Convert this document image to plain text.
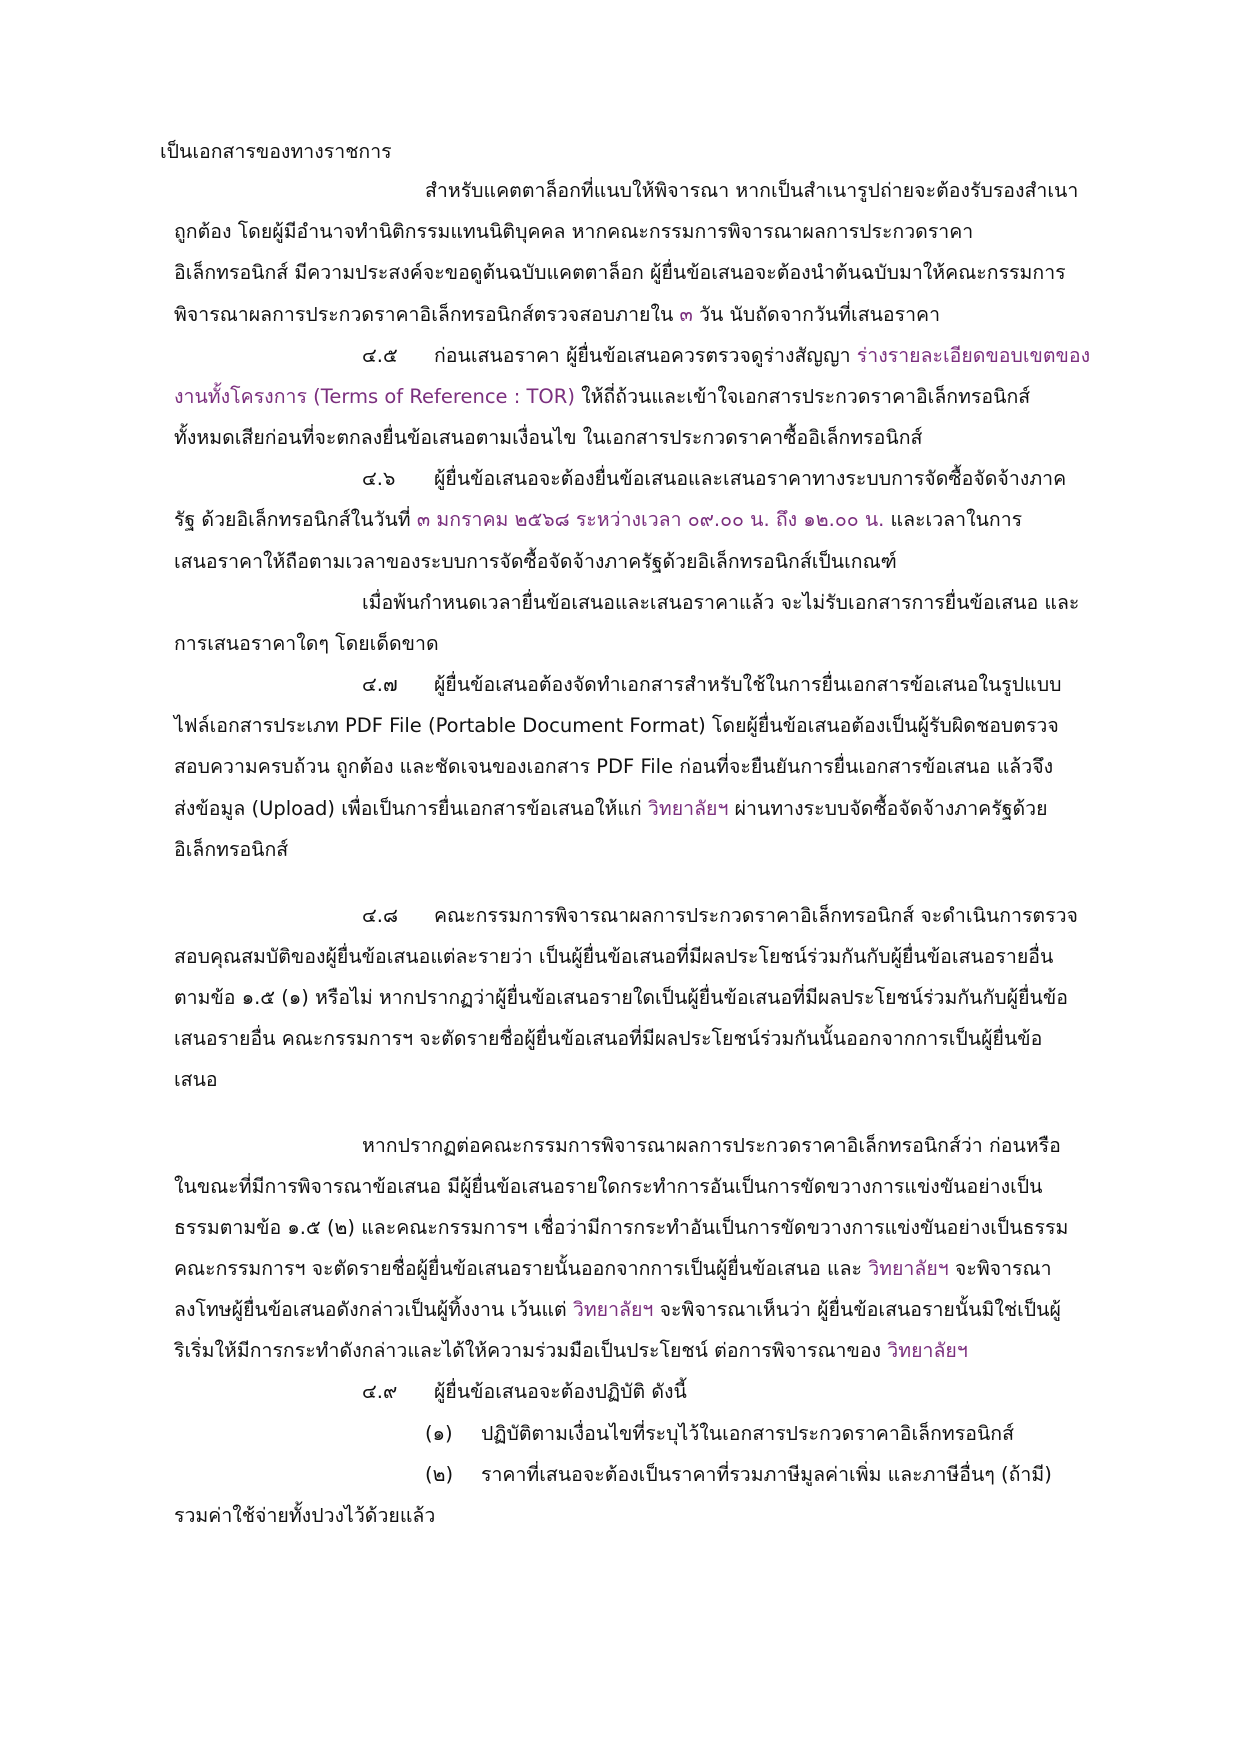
เป็นเอกสารของทางราชการ
สำหรับแคตตาล็อกที่แนบให้พิจารณา หากเป็นสำเนารูปถ่ายจะต้องรับรองสำเนา
ถูกต้อง โดยผู้มีอำนาจทำนิติกรรมแทนนิติบุคคล หากคณะกรรมการพิจารณาผลการประกวดราคา
อิเล็กทรอนิกส์ มีความประสงค์จะขอดูต้นฉบับแคตตาล็อก ผู้ยื่นข้อเสนอจะต้องนำต้นฉบับมาให้คณะกรรมการ
พิจารณาผลการประกวดราคาอิเล็กทรอนิกส์ตรวจสอบภายใน ๓ วัน นับถัดจากวันที่เสนอราคา
๔.๕ ก่อนเสนอราคา ผู้ยื่นข้อเสนอควรตรวจดูร่างสัญญา ร่างรายละเอียดขอบเขตของ
งานทั้งโครงการ (Terms of Reference : TOR) ให้ถี่ถ้วนและเข้าใจเอกสารประกวดราคาอิเล็กทรอนิกส์
ทั้งหมดเสียก่อนที่จะตกลงยื่นข้อเสนอตามเงื่อนไข ในเอกสารประกวดราคาซื้ออิเล็กทรอนิกส์
๔.๖ ผู้ยื่นข้อเสนอจะต้องยื่นข้อเสนอและเสนอราคาทางระบบการจัดซื้อจัดจ้างภาค
รัฐ ด้วยอิเล็กทรอนิกส์ในวันที่ ๓ มกราคม ๒๕๖๘ ระหว่างเวลา ๐๙.๐๐ น. ถึง ๑๒.๐๐ น. และเวลาในการ
เสนอราคาให้ถือตามเวลาของระบบการจัดซื้อจัดจ้างภาครัฐด้วยอิเล็กทรอนิกส์เป็นเกณฑ์
เมื่อพ้นกำหนดเวลายื่นข้อเสนอและเสนอราคาแล้ว จะไม่รับเอกสารการยื่นข้อเสนอ และ
การเสนอราคาใดๆ โดยเด็ดขาด
๔.๗ ผู้ยื่นข้อเสนอต้องจัดทำเอกสารสำหรับใช้ในการยื่นเอกสารข้อเสนอในรูปแบบ
ไฟล์เอกสารประเภท PDF File (Portable Document Format) โดยผู้ยื่นข้อเสนอต้องเป็นผู้รับผิดชอบตรวจ
สอบความครบถ้วน ถูกต้อง และชัดเจนของเอกสาร PDF File ก่อนที่จะยืนยันการยื่นเอกสารข้อเสนอ แล้วจึง
ส่งข้อมูล (Upload) เพื่อเป็นการยื่นเอกสารข้อเสนอให้แก่ วิทยาลัยฯ ผ่านทางระบบจัดซื้อจัดจ้างภาครัฐด้วย
อิเล็กทรอนิกส์
๔.๘ คณะกรรมการพิจารณาผลการประกวดราคาอิเล็กทรอนิกส์ จะดำเนินการตรวจ
สอบคุณสมบัติของผู้ยื่นข้อเสนอแต่ละรายว่า เป็นผู้ยื่นข้อเสนอที่มีผลประโยชน์ร่วมกันกับผู้ยื่นข้อเสนอรายอื่น
ตามข้อ ๑.๕ (๑) หรือไม่ หากปรากฏว่าผู้ยื่นข้อเสนอรายใดเป็นผู้ยื่นข้อเสนอที่มีผลประโยชน์ร่วมกันกับผู้ยื่นข้อ
เสนอรายอื่น คณะกรรมการฯ จะตัดรายชื่อผู้ยื่นข้อเสนอที่มีผลประโยชน์ร่วมกันนั้นออกจากการเป็นผู้ยื่นข้อ
เสนอ
หากปรากฏต่อคณะกรรมการพิจารณาผลการประกวดราคาอิเล็กทรอนิกส์ว่า ก่อนหรือ
ในขณะที่มีการพิจารณาข้อเสนอ มีผู้ยื่นข้อเสนอรายใดกระทำการอันเป็นการขัดขวางการแข่งขันอย่างเป็น
ธรรมตามข้อ ๑.๕ (๒) และคณะกรรมการฯ เชื่อว่ามีการกระทำอันเป็นการขัดขวางการแข่งขันอย่างเป็นธรรม
คณะกรรมการฯ จะตัดรายชื่อผู้ยื่นข้อเสนอรายนั้นออกจากการเป็นผู้ยื่นข้อเสนอ และ วิทยาลัยฯ จะพิจารณา
ลงโทษผู้ยื่นข้อเสนอดังกล่าวเป็นผู้ทิ้งงาน เว้นแต่ วิทยาลัยฯ จะพิจารณาเห็นว่า ผู้ยื่นข้อเสนอรายนั้นมิใช่เป็นผู้
ริเริ่มให้มีการกระทำดังกล่าวและได้ให้ความร่วมมือเป็นประโยชน์ ต่อการพิจารณาของ วิทยาลัยฯ
๔.๙ ผู้ยื่นข้อเสนอจะต้องปฏิบัติ ดังนี้
(๑) ปฏิบัติตามเงื่อนไขที่ระบุไว้ในเอกสารประกวดราคาอิเล็กทรอนิกส์
(๒) ราคาที่เสนอจะต้องเป็นราคาที่รวมภาษีมูลค่าเพิ่ม และภาษีอื่นๆ (ถ้ามี)
รวมค่าใช้จ่ายทั้งปวงไว้ด้วยแล้ว
